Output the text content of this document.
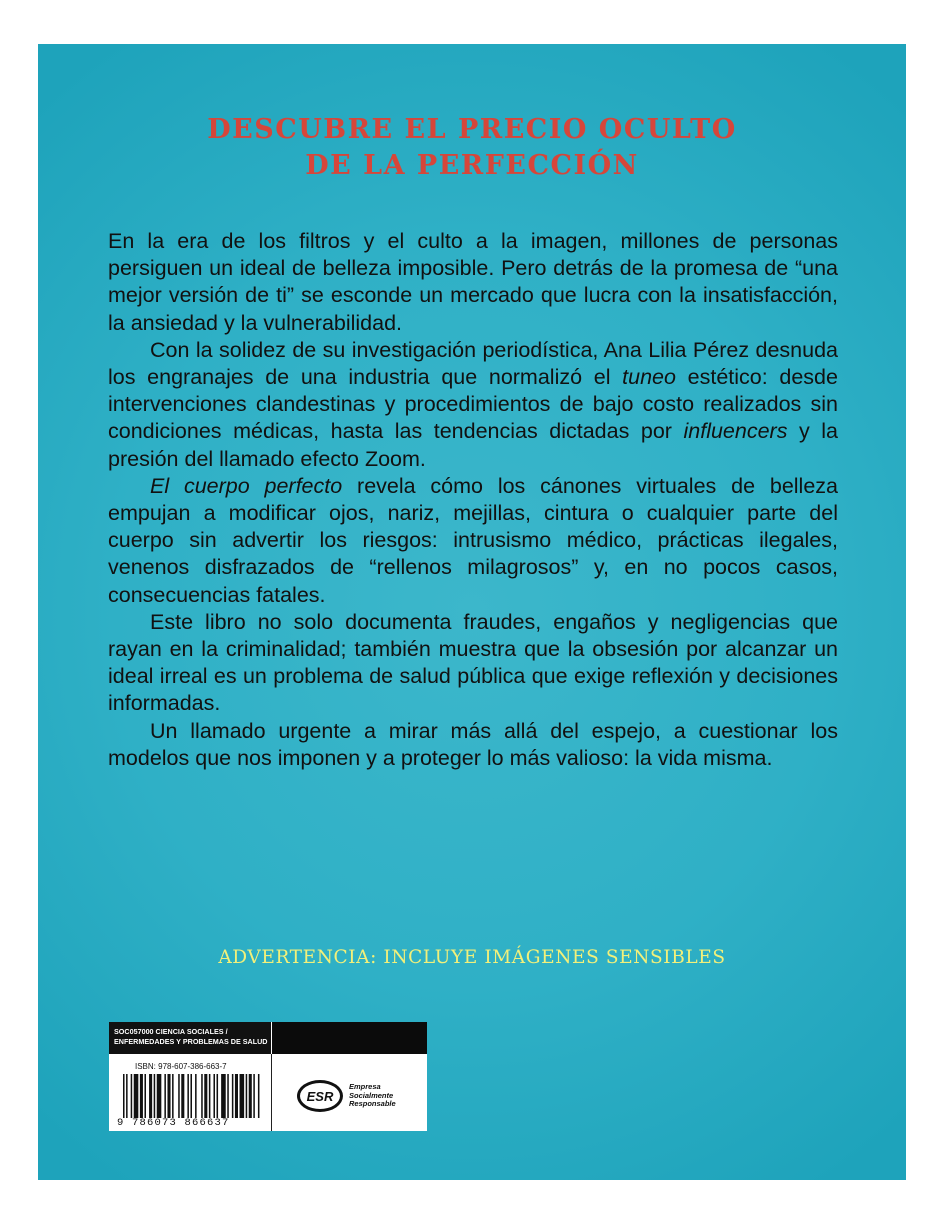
DESCUBRE EL PRECIO OCULTO
DE LA PERFECCIÓN

En la era de los filtros y el culto a la imagen, millones de personas persiguen un ideal de belleza imposible. Pero detrás de la promesa de “una mejor versión de ti” se esconde un mercado que lucra con la insatisfacción, la ansiedad y la vulnerabilidad.

Con la solidez de su investigación periodística, Ana Lilia Pérez desnuda los engranajes de una industria que normalizó el tuneo estético: desde intervenciones clandestinas y procedimientos de bajo costo realizados sin condiciones médicas, hasta las tendencias dictadas por influencers y la presión del llamado efecto Zoom.

El cuerpo perfecto revela cómo los cánones virtuales de belleza empujan a modificar ojos, nariz, mejillas, cintura o cualquier parte del cuerpo sin advertir los riesgos: intrusismo médico, prácticas ilegales, venenos disfrazados de “rellenos milagrosos” y, en no pocos casos, consecuencias fatales.

Este libro no solo documenta fraudes, engaños y negligencias que rayan en la criminalidad; también muestra que la obsesión por alcanzar un ideal irreal es un problema de salud pública que exige reflexión y decisiones informadas.

Un llamado urgente a mirar más allá del espejo, a cuestionar los modelos que nos imponen y a proteger lo más valioso: la vida misma.

ADVERTENCIA: INCLUYE IMÁGENES SENSIBLES
SOC057000 CIENCIA SOCIALES /
ENFERMEDADES Y PROBLEMAS DE SALUD
ISBN: 978-607-386-663-7
9 786073 866637
ESR
Empresa
Socialmente
Responsable
